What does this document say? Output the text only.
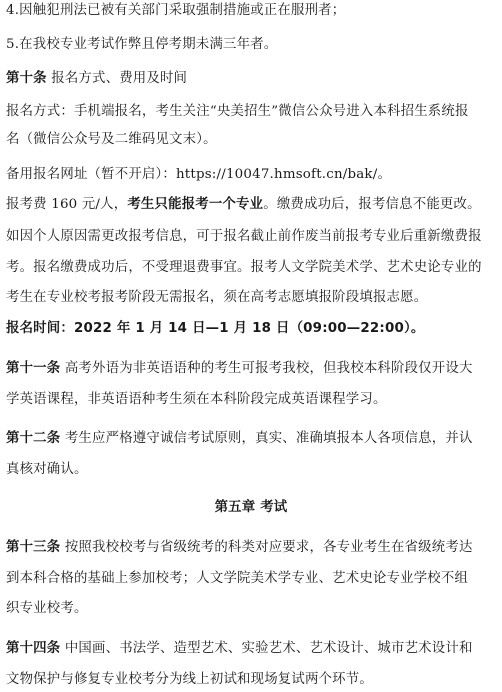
4.因触犯刑法已被有关部门采取强制措施或正在服刑者；
5.在我校专业考试作弊且停考期未满三年者。
第十条 报名方式、费用及时间
报名方式：手机端报名，考生关注“央美招生”微信公众号进入本科招生系统报
名（微信公众号及二维码见文末）。
备用报名网址（暂不开启）：https://10047.hmsoft.cn/bak/。
报考费 160 元/人，考生只能报考一个专业。缴费成功后，报考信息不能更改。
如因个人原因需更改报考信息，可于报名截止前作废当前报考专业后重新缴费报
考。报名缴费成功后，不受理退费事宜。报考人文学院美术学、艺术史论专业的
考生在专业校考报考阶段无需报名，须在高考志愿填报阶段填报志愿。
报名时间：2022 年 1 月 14 日—1 月 18 日（09:00—22:00）。
第十一条 高考外语为非英语语种的考生可报考我校，但我校本科阶段仅开设大
学英语课程，非英语语种考生须在本科阶段完成英语课程学习。
第十二条 考生应严格遵守诚信考试原则，真实、准确填报本人各项信息，并认
真核对确认。
第五章 考试
第十三条 按照我校校考与省级统考的科类对应要求，各专业考生在省级统考达
到本科合格的基础上参加校考；人文学院美术学专业、艺术史论专业学校不组
织专业校考。
第十四条 中国画、书法学、造型艺术、实验艺术、艺术设计、城市艺术设计和
文物保护与修复专业校考分为线上初试和现场复试两个环节。
